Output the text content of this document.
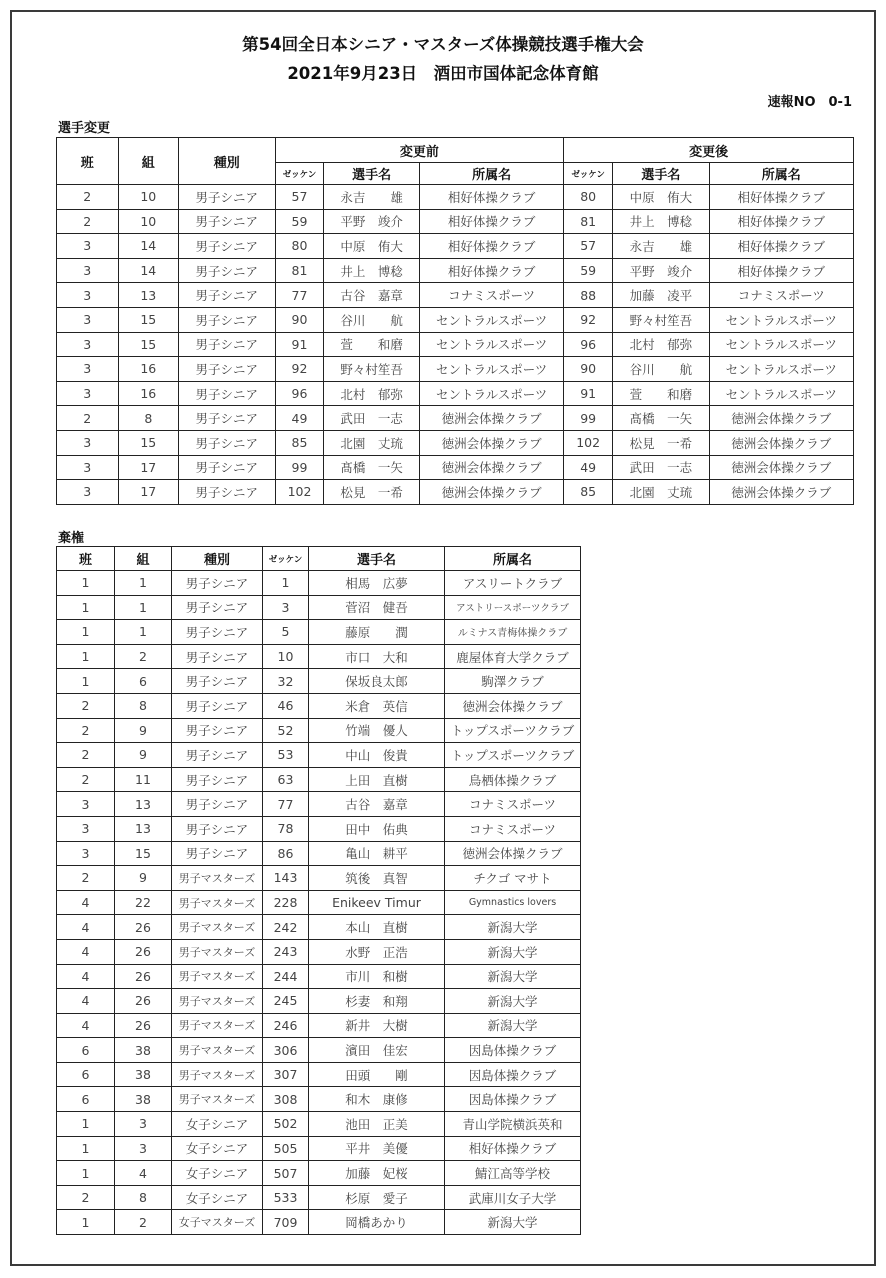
第54回全日本シニア・マスターズ体操競技選手権大会
2021年9月23日　酒田市国体記念体育館
速報NO　0-1
選手変更
班	組	種別	変更前			変更後		
			ゼッケン	選手名	所属名	ゼッケン	選手名	所属名
2	10	男子シニア	57	永吉　　雄	相好体操クラブ	80	中原　侑大	相好体操クラブ
2	10	男子シニア	59	平野　竣介	相好体操クラブ	81	井上　博稔	相好体操クラブ
3	14	男子シニア	80	中原　侑大	相好体操クラブ	57	永吉　　雄	相好体操クラブ
3	14	男子シニア	81	井上　博稔	相好体操クラブ	59	平野　竣介	相好体操クラブ
3	13	男子シニア	77	古谷　嘉章	コナミスポーツ	88	加藤　凌平	コナミスポーツ
3	15	男子シニア	90	谷川　　航	セントラルスポーツ	92	野々村笙吾	セントラルスポーツ
3	15	男子シニア	91	萱　　和磨	セントラルスポーツ	96	北村　郁弥	セントラルスポーツ
3	16	男子シニア	92	野々村笙吾	セントラルスポーツ	90	谷川　　航	セントラルスポーツ
3	16	男子シニア	96	北村　郁弥	セントラルスポーツ	91	萱　　和磨	セントラルスポーツ
2	8	男子シニア	49	武田　一志	徳洲会体操クラブ	99	髙橋　一矢	徳洲会体操クラブ
3	15	男子シニア	85	北園　丈琉	徳洲会体操クラブ	102	松見　一希	徳洲会体操クラブ
3	17	男子シニア	99	髙橋　一矢	徳洲会体操クラブ	49	武田　一志	徳洲会体操クラブ
3	17	男子シニア	102	松見　一希	徳洲会体操クラブ	85	北園　丈琉	徳洲会体操クラブ
棄権
班	組	種別	ゼッケン	選手名	所属名
1	1	男子シニア	1	相馬　広夢	アスリートクラブ
1	1	男子シニア	3	菅沼　健吾	アストリースポーツクラブ
1	1	男子シニア	5	藤原　　潤	ルミナス青梅体操クラブ
1	2	男子シニア	10	市口　大和	鹿屋体育大学クラブ
1	6	男子シニア	32	保坂良太郎	駒澤クラブ
2	8	男子シニア	46	米倉　英信	徳洲会体操クラブ
2	9	男子シニア	52	竹端　優人	トップスポーツクラブ
2	9	男子シニア	53	中山　俊貴	トップスポーツクラブ
2	11	男子シニア	63	上田　直樹	鳥栖体操クラブ
3	13	男子シニア	77	古谷　嘉章	コナミスポーツ
3	13	男子シニア	78	田中　佑典	コナミスポーツ
3	15	男子シニア	86	亀山　耕平	徳洲会体操クラブ
2	9	男子マスターズ	143	筑後　真智	チクゴ マサト
4	22	男子マスターズ	228	Enikeev Timur	Gymnastics lovers
4	26	男子マスターズ	242	本山　直樹	新潟大学
4	26	男子マスターズ	243	水野　正浩	新潟大学
4	26	男子マスターズ	244	市川　和樹	新潟大学
4	26	男子マスターズ	245	杉妻　和翔	新潟大学
4	26	男子マスターズ	246	新井　大樹	新潟大学
6	38	男子マスターズ	306	濱田　佳宏	因島体操クラブ
6	38	男子マスターズ	307	田頭　　剛	因島体操クラブ
6	38	男子マスターズ	308	和木　康修	因島体操クラブ
1	3	女子シニア	502	池田　正美	青山学院横浜英和
1	3	女子シニア	505	平井　美優	相好体操クラブ
1	4	女子シニア	507	加藤　妃桜	鯖江高等学校
2	8	女子シニア	533	杉原　愛子	武庫川女子大学
1	2	女子マスターズ	709	岡橋あかり	新潟大学
